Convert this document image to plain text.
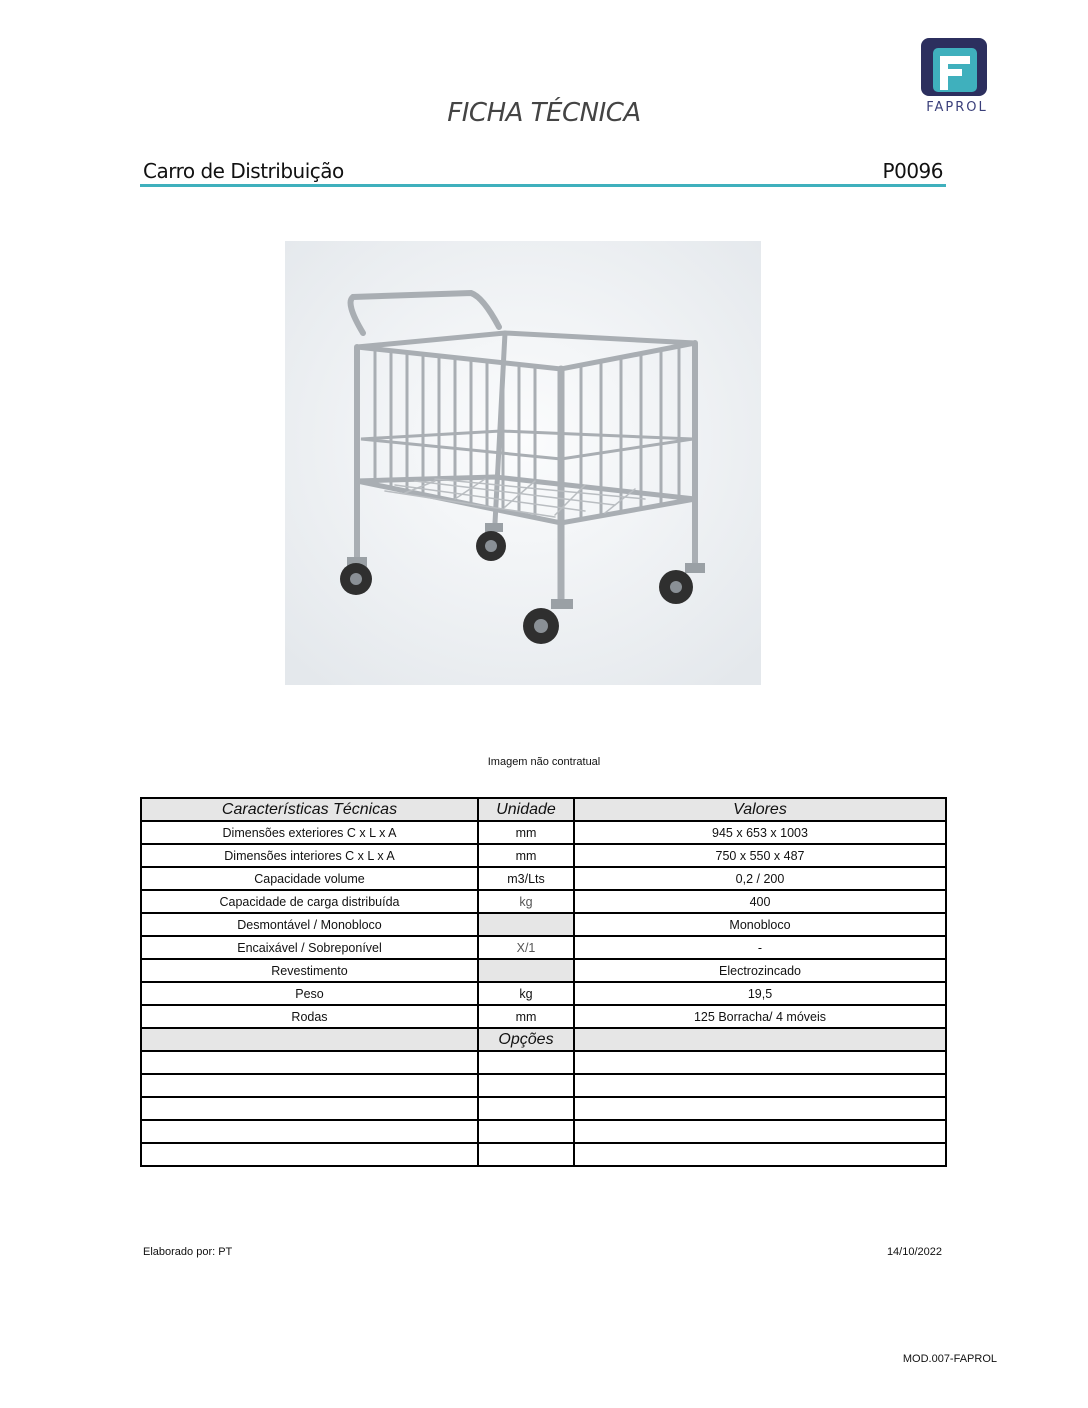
FAPROL
FICHA TÉCNICA
Carro de Distribuição	P0096
Imagem não contratual
Características Técnicas	Unidade	Valores
Dimensões exteriores C x L x A	mm	945 x 653 x 1003
Dimensões interiores C x L x A	mm	750 x 550 x 487
Capacidade volume	m3/Lts	0,2 / 200
Capacidade de carga distribuída	kg	400
Desmontável / Monobloco		Monobloco
Encaixável / Sobreponível	X/1	-
Revestimento		Electrozincado
Peso	kg	19,5
Rodas	mm	125 Borracha/ 4 móveis
	Opções	

Elaborado por: PT	14/10/2022
MOD.007-FAPROL
